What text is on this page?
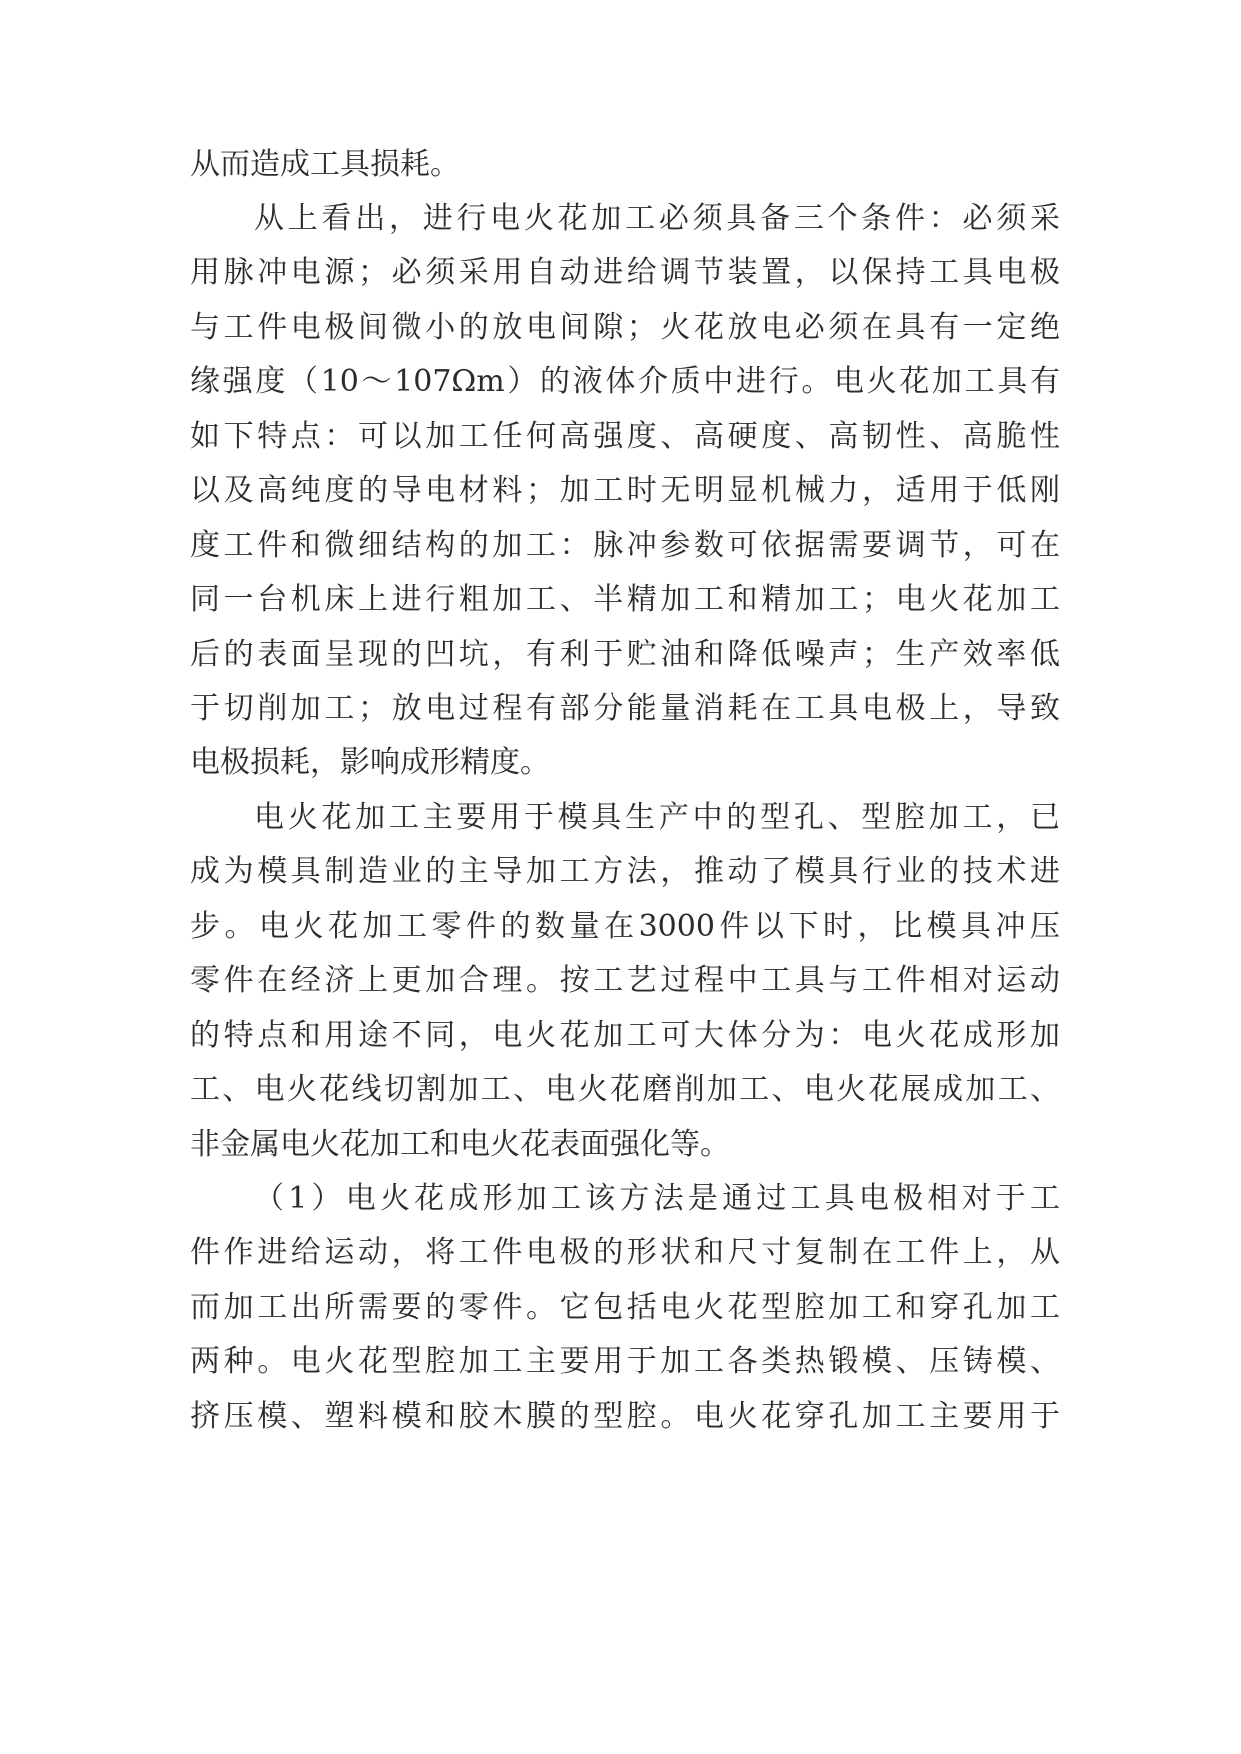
从而造成工具损耗。
从上看出，进行电火花加工必须具备三个条件：必须采
用脉冲电源；必须采用自动进给调节装置，以保持工具电极
与工件电极间微小的放电间隙；火花放电必须在具有一定绝
缘强度（10～107Ωm）的液体介质中进行。电火花加工具有
如下特点：可以加工任何高强度、高硬度、高韧性、高脆性
以及高纯度的导电材料；加工时无明显机械力，适用于低刚
度工件和微细结构的加工：脉冲参数可依据需要调节，可在
同一台机床上进行粗加工、半精加工和精加工；电火花加工
后的表面呈现的凹坑，有利于贮油和降低噪声；生产效率低
于切削加工；放电过程有部分能量消耗在工具电极上，导致
电极损耗，影响成形精度。
电火花加工主要用于模具生产中的型孔、型腔加工，已
成为模具制造业的主导加工方法，推动了模具行业的技术进
步。电火花加工零件的数量在3000件以下时，比模具冲压
零件在经济上更加合理。按工艺过程中工具与工件相对运动
的特点和用途不同，电火花加工可大体分为：电火花成形加
工、电火花线切割加工、电火花磨削加工、电火花展成加工、
非金属电火花加工和电火花表面强化等。
（1）电火花成形加工该方法是通过工具电极相对于工
件作进给运动，将工件电极的形状和尺寸复制在工件上，从
而加工出所需要的零件。它包括电火花型腔加工和穿孔加工
两种。电火花型腔加工主要用于加工各类热锻模、压铸模、
挤压模、塑料模和胶木膜的型腔。电火花穿孔加工主要用于
